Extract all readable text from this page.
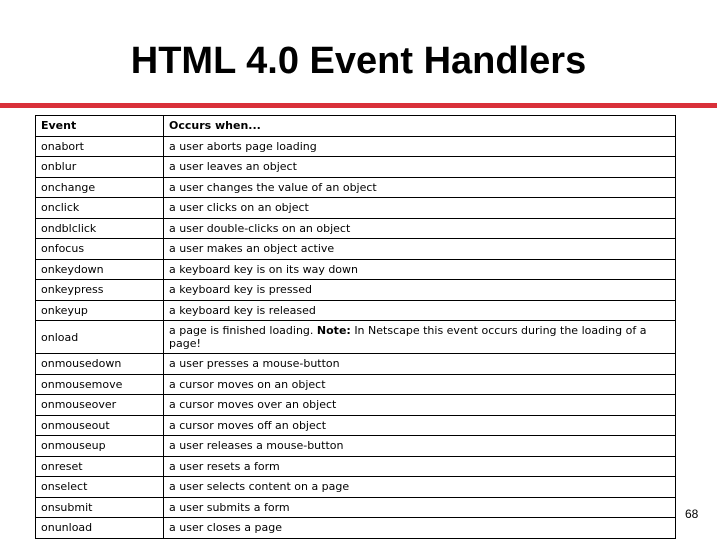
HTML 4.0 Event Handlers
Event	Occurs when...
onabort	a user aborts page loading
onblur	a user leaves an object
onchange	a user changes the value of an object
onclick	a user clicks on an object
ondblclick	a user double-clicks on an object
onfocus	a user makes an object active
onkeydown	a keyboard key is on its way down
onkeypress	a keyboard key is pressed
onkeyup	a keyboard key is released
onload	a page is finished loading. Note: In Netscape this event occurs during the loading of a page!
onmousedown	a user presses a mouse-button
onmousemove	a cursor moves on an object
onmouseover	a cursor moves over an object
onmouseout	a cursor moves off an object
onmouseup	a user releases a mouse-button
onreset	a user resets a form
onselect	a user selects content on a page
onsubmit	a user submits a form
onunload	a user closes a page
68
